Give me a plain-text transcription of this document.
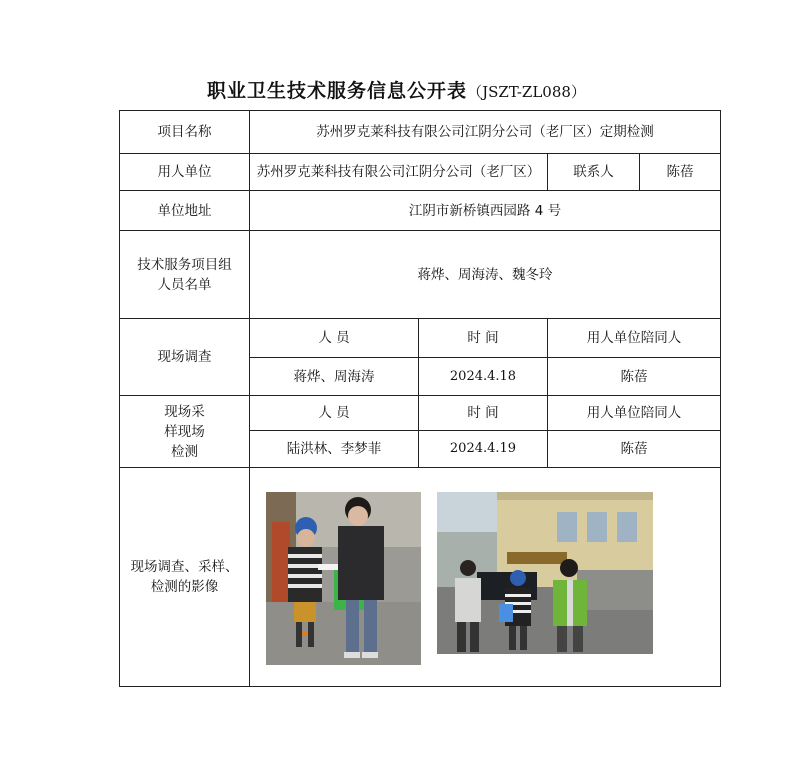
职业卫生技术服务信息公开表（JSZT-ZL088）
项目名称	苏州罗克莱科技有限公司江阴分公司（老厂区）定期检测			
用人单位	苏州罗克莱科技有限公司江阴分公司（老厂区）		联系人	陈蓓
单位地址	江阴市新桥镇西园路 4 号			
技术服务项目组人员名单	蒋烨、周海涛、魏冬玲			
现场调查	人 员	时 间	用人单位陪同人	
	蒋烨、周海涛	2024.4.18	陈蓓	
现场采样现场检测	人 员	时 间	用人单位陪同人	
	陆洪林、李梦菲	2024.4.19	陈蓓	
现场调查、采样、检测的影像	
